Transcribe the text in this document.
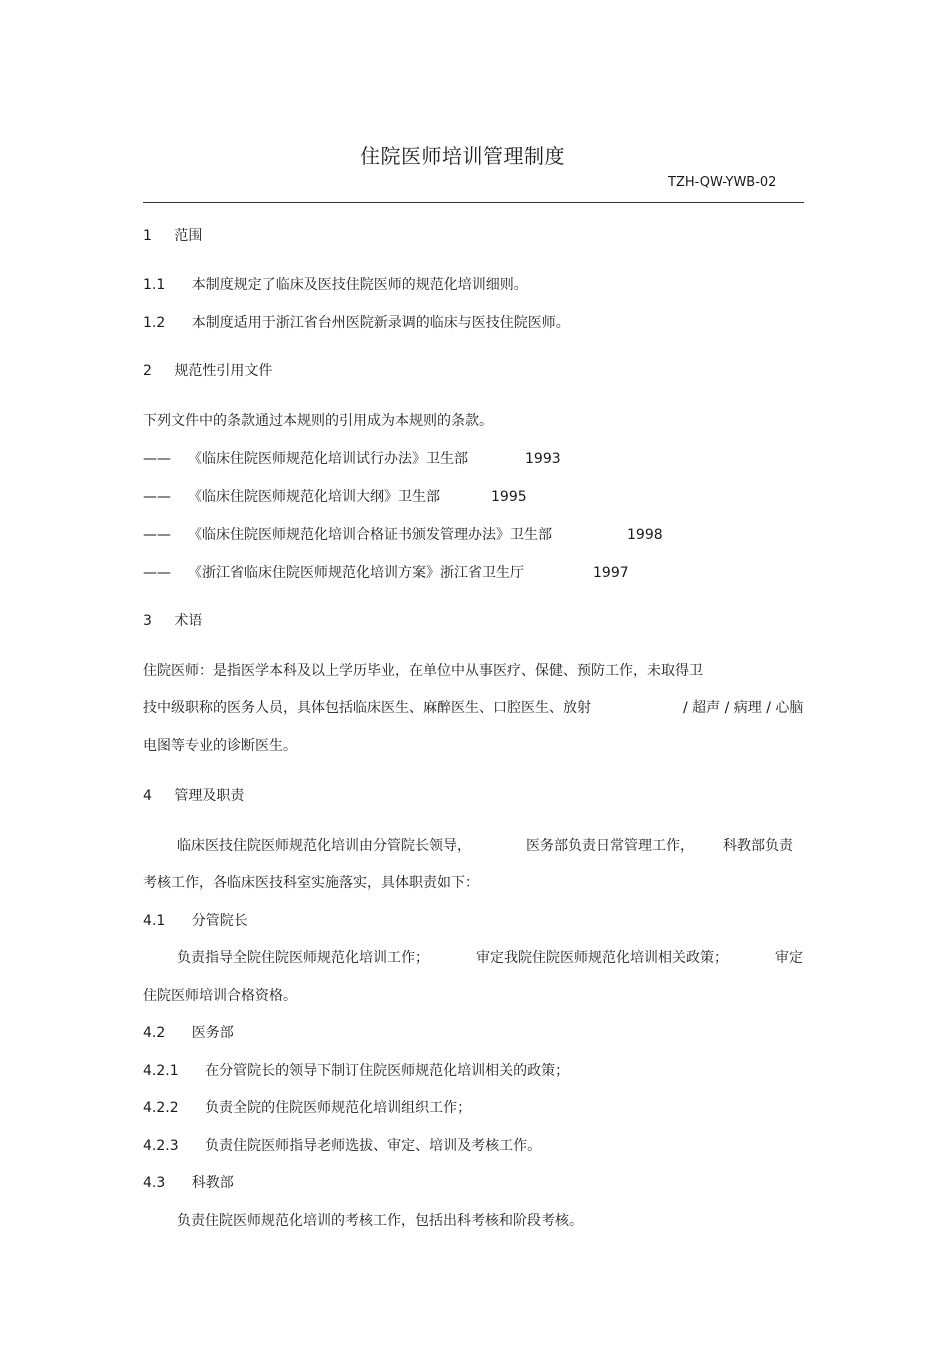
住院医师培训管理制度
TZH-QW-YWB-02
1 范围
1.1 本制度规定了临床及医技住院医师的规范化培训细则。
1.2 本制度适用于浙江省台州医院新录调的临床与医技住院医师。
2 规范性引用文件
下列文件中的条款通过本规则的引用成为本规则的条款。
—— 《临床住院医师规范化培训试行办法》卫生部	1993
—— 《临床住院医师规范化培训大纲》卫生部	1995
—— 《临床住院医师规范化培训合格证书颁发管理办法》卫生部	1998
—— 《浙江省临床住院医师规范化培训方案》浙江省卫生厅	1997
3 术语
住院医师：是指医学本科及以上学历毕业，在单位中从事医疗、保健、预防工作，未取得卫
技中级职称的医务人员，具体包括临床医生、麻醉医生、口腔医生、放射	/ 超声 / 病理 / 心脑
电图等专业的诊断医生。
4 管理及职责
临床医技住院医师规范化培训由分管院长领导，	医务部负责日常管理工作， 科教部负责
考核工作，各临床医技科室实施落实，具体职责如下：
4.1 分管院长
负责指导全院住院医师规范化培训工作；	审定我院住院医师规范化培训相关政策；	审定
住院医师培训合格资格。
4.2 医务部
4.2.1 在分管院长的领导下制订住院医师规范化培训相关的政策；
4.2.2 负责全院的住院医师规范化培训组织工作；
4.2.3 负责住院医师指导老师选拔、审定、培训及考核工作。
4.3 科教部
负责住院医师规范化培训的考核工作，包括出科考核和阶段考核。
